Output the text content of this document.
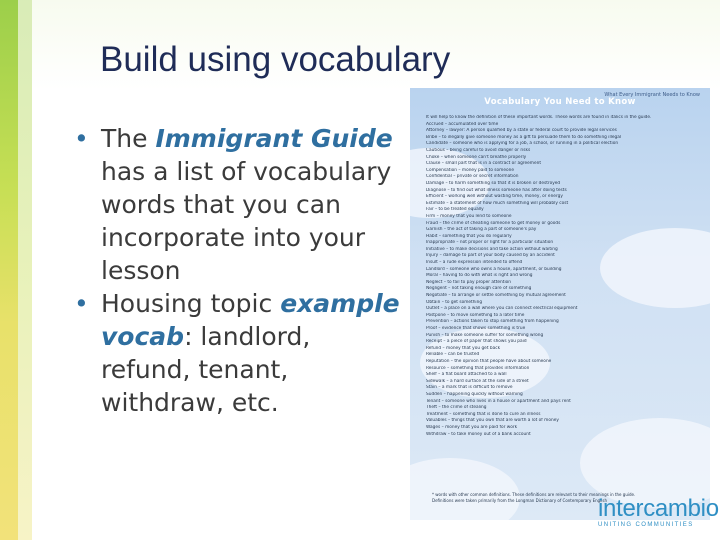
Build using vocabulary
• The Immigrant Guide has a list of vocabulary words that you can incorporate into your lesson
• Housing topic example vocab: landlord, refund, tenant, withdraw, etc.
What Every Immigrant Needs to Know
Vocabulary You Need to Know
It will help to know the definition of these important words. These words are found in italics in the guide.
Accrued – accumulated over time
Attorney – lawyer: A person qualified by a state or federal court to provide legal services
Bribe – to illegally give someone money as a gift to persuade them to do something illegal
Candidate – someone who is applying for a job, a school, or running in a political election
Cautious – being careful to avoid danger or risks
Choke – when someone can't breathe properly
Clause – small part that is in a contract or agreement
Compensation – money paid to someone
Confidential – private or secret information
Damage – to harm something so that it is broken or destroyed
Diagnose – to find out what illness someone has after doing tests
Efficient – working well without wasting time, money, or energy
Estimate – a statement of how much something will probably cost
Fair – to be treated equally
Firm – money that you lend to someone
Fraud – the crime of cheating someone to get money or goods
Garnish – the act of taking a part of someone's pay
Habit – something that you do regularly
Inappropriate – not proper or right for a particular situation
Initiative – to make decisions and take action without waiting
Injury – damage to part of your body caused by an accident
Insult – a rude expression intended to offend
Landlord – someone who owns a house, apartment, or building
Moral – having to do with what is right and wrong
Neglect – to fail to pay proper attention
Negligent – not taking enough care of something
Negotiate – to arrange or settle something by mutual agreement
Obtain – to get something
Outlet – a place on a wall where you can connect electrical equipment
Postpone – to move something to a later time
Prevention – actions taken to stop something from happening
Proof – evidence that shows something is true
Punish – to make someone suffer for something wrong
Receipt – a piece of paper that shows you paid
Refund – money that you get back
Reliable – can be trusted
Reputation – the opinion that people have about someone
Resource – something that provides information
Shelf – a flat board attached to a wall
Sidewalk – a hard surface at the side of a street
Stain – a mark that is difficult to remove
Sudden – happening quickly without warning
Tenant – someone who lives in a house or apartment and pays rent
Theft – the crime of stealing
Treatment – something that is done to cure an illness
Valuables – things that you own that are worth a lot of money
Wages – money that you are paid for work
Withdraw – to take money out of a bank account
* words with other common definitions. These definitions are relevant to their meanings in the guide.
Definitions were taken primarily from the Longman Dictionary of Contemporary English
intercambio
UNITING COMMUNITIES
